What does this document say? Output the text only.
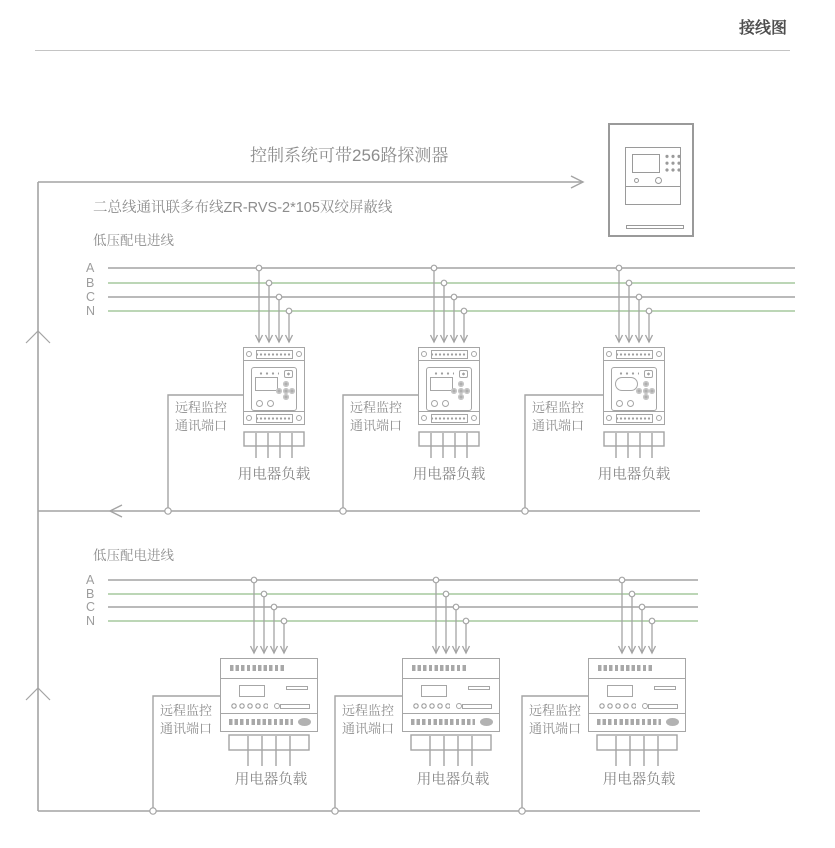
接线图
控制系统可带256路探测器
二总线通讯联多布线ZR-RVS-2*105双绞屏蔽线
低压配电进线
低压配电进线
A
B
C
N
A
B
C
N
远程监控
通讯端口
远程监控
通讯端口
远程监控
通讯端口
远程监控
通讯端口
远程监控
通讯端口
远程监控
通讯端口
用电器负载	用电器负载	用电器负载
用电器负载	用电器负载	用电器负载
